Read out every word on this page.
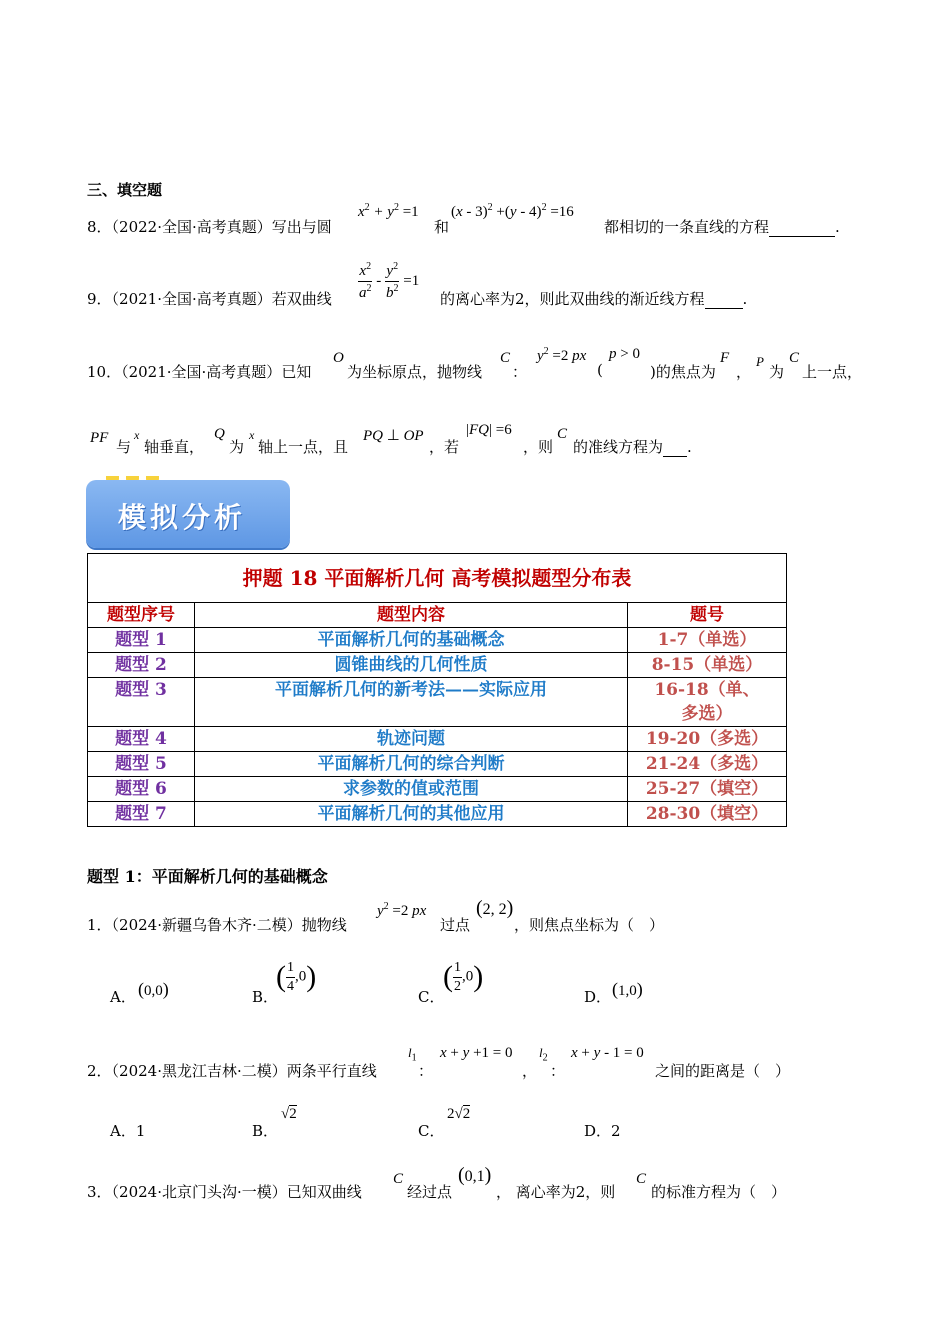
三、填空题
8．（2022·全国·高考真题）写出与圆
$x^2 + y^2 =1$
和
(x - 3)$^2$ +(y - 4)$^2$ =16
都相切的一条直线的方程	.
9．（2021·全国·高考真题）若双曲线 $\frac{x^2}{a^2} - \frac{y^2}{b^2} =1$
的离心率为2，则此双曲线的渐近线方程	.
10．（2021·全国·高考真题）已知
O
为坐标原点，抛物线
C
：
$y^2 =2$ px
(
p > 0
)的焦点为
F
，
P
为
C
上一点，
PF 与
x
轴垂直，
Q
为
x
轴上一点，且
PQ ⊥ OP
，若
|FQ| =6
，则
C
的准线方程为 .
模拟分析
押题 18 平面解析几何 高考模拟题型分布表		
题型序号	题型内容	题号
题型 1	平面解析几何的基础概念	1-7（单选）
题型 2	圆锥曲线的几何性质	8-15（单选）
题型 3	平面解析几何的新考法——实际应用	16-18（单、多选）
题型 4	轨迹问题	19-20（多选）
题型 5	平面解析几何的综合判断	21-24（多选）
题型 6	求参数的值或范围	25-27（填空）
题型 7	平面解析几何的其他应用	28-30（填空）
题型 1：平面解析几何的基础概念
1．（2024·新疆乌鲁木齐·二模）抛物线
$y^2 =2$ px
过点
(2, 2)
，则焦点坐标为（　）
A． (0,0)	B．
( $\frac{1}{4} ,0$)
C．
( $\frac{1}{2} ,0$)
D． (1,0)
2．（2024·黑龙江吉林·二模）两条平行直线
$l_1$
：
x + y +1 = 0
，
$l_2$
：
x + y - 1 = 0
之间的距离是（　）
A．1	B．
√2
C．
2√2
D．2
3．（2024·北京门头沟·一模）已知双曲线
C
经过点
(0,1)
， 离心率为2，则
C
的标准方程为（　）
